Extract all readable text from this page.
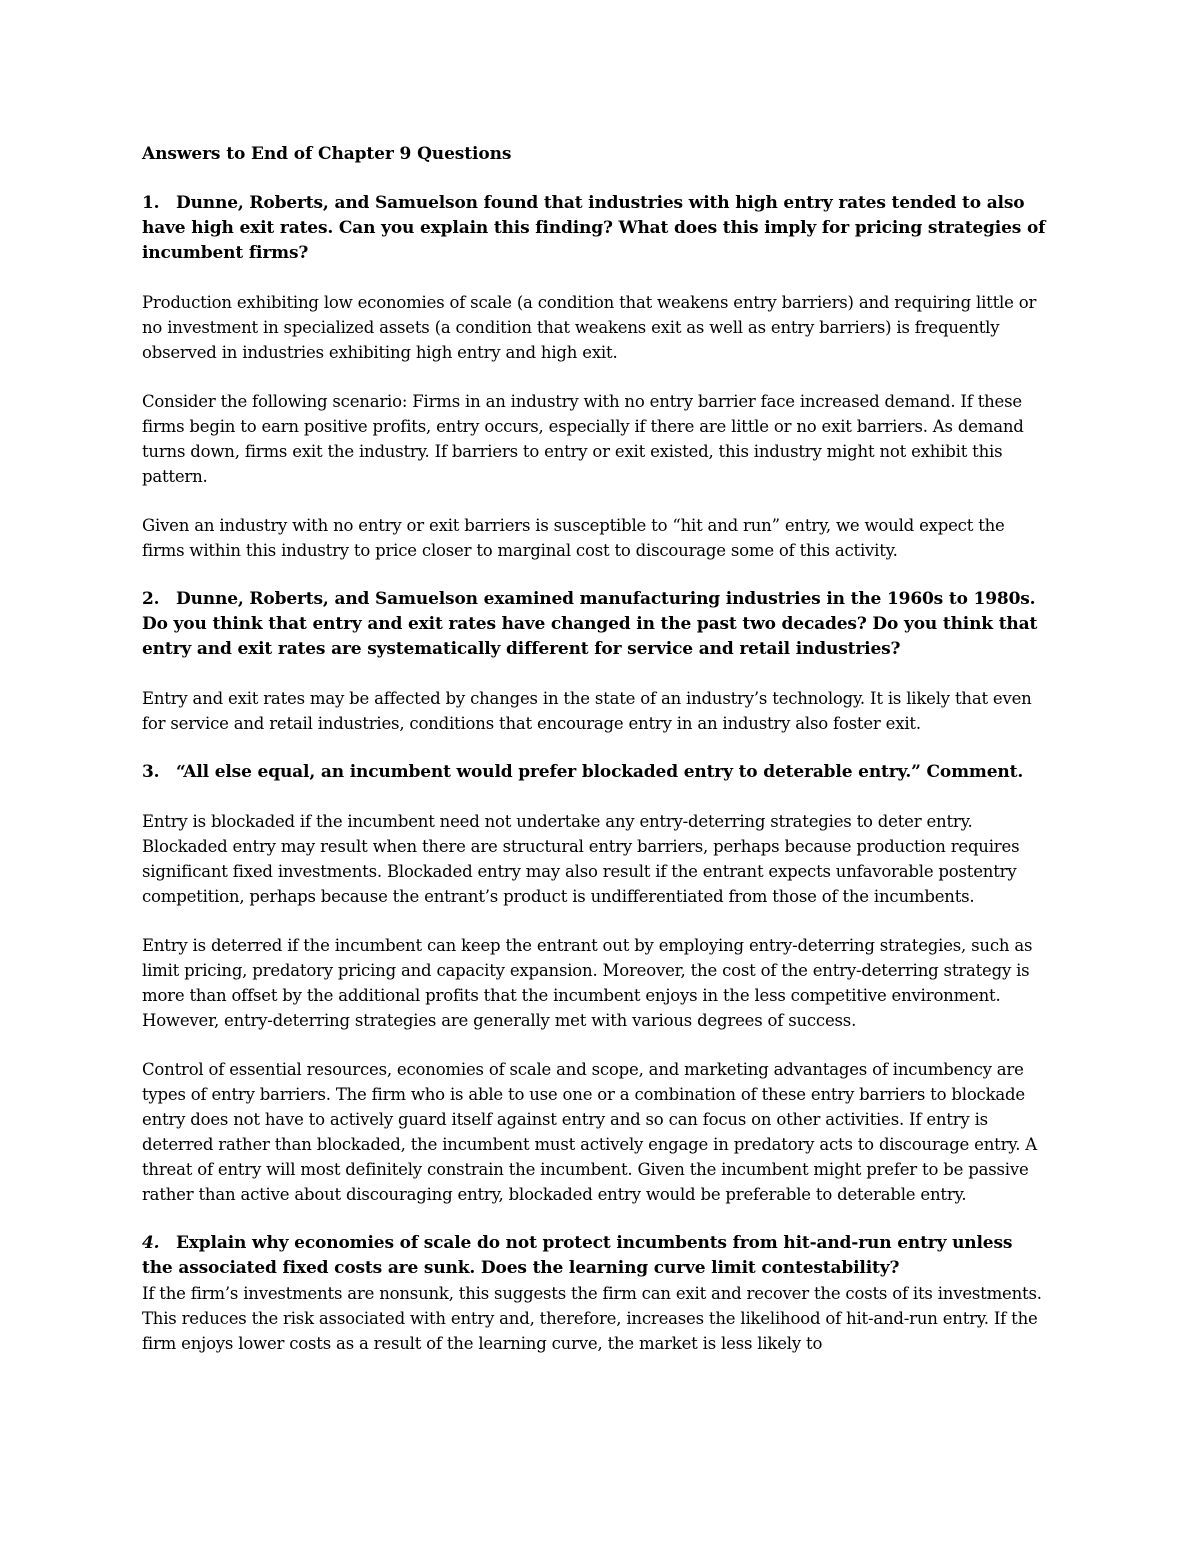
Answers to End of Chapter 9 Questions
1. Dunne, Roberts, and Samuelson found that industries with high entry rates tended to also have high exit rates. Can you explain this finding? What does this imply for pricing strategies of incumbent firms?

Production exhibiting low economies of scale (a condition that weakens entry barriers) and requiring little or no investment in specialized assets (a condition that weakens exit as well as entry barriers) is frequently observed in industries exhibiting high entry and high exit.

Consider the following scenario: Firms in an industry with no entry barrier face increased demand. If these firms begin to earn positive profits, entry occurs, especially if there are little or no exit barriers. As demand turns down, firms exit the industry. If barriers to entry or exit existed, this industry might not exhibit this pattern.

Given an industry with no entry or exit barriers is susceptible to “hit and run” entry, we would expect the firms within this industry to price closer to marginal cost to discourage some of this activity.

2. Dunne, Roberts, and Samuelson examined manufacturing industries in the 1960s to 1980s. Do you think that entry and exit rates have changed in the past two decades? Do you think that entry and exit rates are systematically different for service and retail industries?

Entry and exit rates may be affected by changes in the state of an industry’s technology. It is likely that even for service and retail industries, conditions that encourage entry in an industry also foster exit.

3. “All else equal, an incumbent would prefer blockaded entry to deterable entry.” Comment.

Entry is blockaded if the incumbent need not undertake any entry-deterring strategies to deter entry. Blockaded entry may result when there are structural entry barriers, perhaps because production requires significant fixed investments. Blockaded entry may also result if the entrant expects unfavorable postentry competition, perhaps because the entrant’s product is undifferentiated from those of the incumbents.

Entry is deterred if the incumbent can keep the entrant out by employing entry-deterring strategies, such as limit pricing, predatory pricing and capacity expansion. Moreover, the cost of the entry-deterring strategy is more than offset by the additional profits that the incumbent enjoys in the less competitive environment. However, entry-deterring strategies are generally met with various degrees of success.

Control of essential resources, economies of scale and scope, and marketing advantages of incumbency are types of entry barriers. The firm who is able to use one or a combination of these entry barriers to blockade entry does not have to actively guard itself against entry and so can focus on other activities. If entry is deterred rather than blockaded, the incumbent must actively engage in predatory acts to discourage entry. A threat of entry will most definitely constrain the incumbent. Given the incumbent might prefer to be passive rather than active about discouraging entry, blockaded entry would be preferable to deterable entry.

4. Explain why economies of scale do not protect incumbents from hit-and-run entry unless the associated fixed costs are sunk. Does the learning curve limit contestability?

If the firm’s investments are nonsunk, this suggests the firm can exit and recover the costs of its investments. This reduces the risk associated with entry and, therefore, increases the likelihood of hit-and-run entry. If the firm enjoys lower costs as a result of the learning curve, the market is less likely to
